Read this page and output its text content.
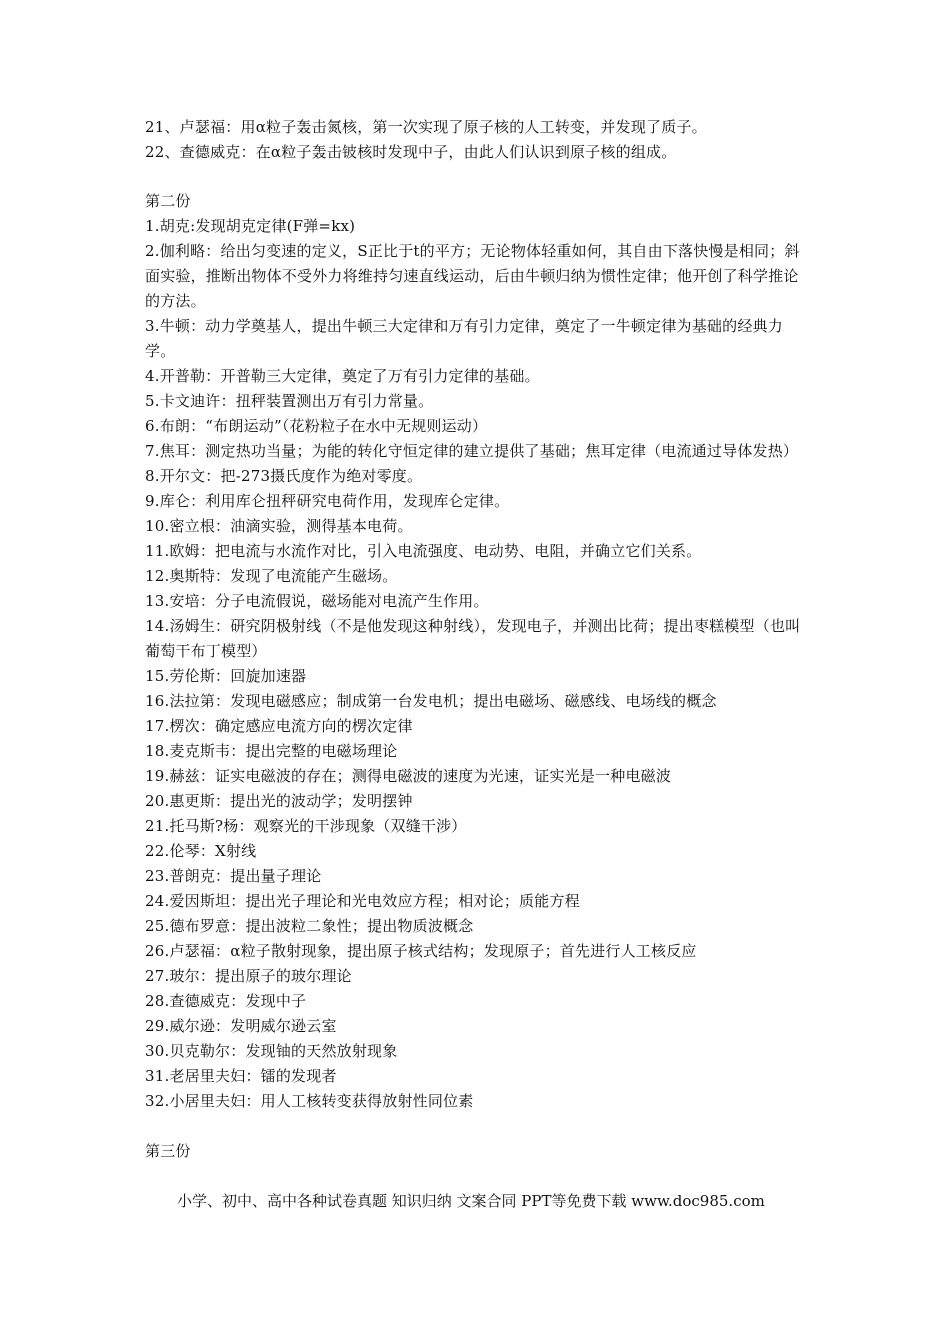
21、卢瑟福：用α粒子轰击氮核，第一次实现了原子核的人工转变，并发现了质子。
22、查德威克：在α粒子轰击铍核时发现中子，由此人们认识到原子核的组成。
第二份
1.胡克:发现胡克定律(F弹=kx)
2.伽利略：给出匀变速的定义，S正比于t的平方；无论物体轻重如何，其自由下落快慢是相同；斜面实验，推断出物体不受外力将维持匀速直线运动，后由牛顿归纳为惯性定律；他开创了科学推论的方法。
3.牛顿：动力学奠基人，提出牛顿三大定律和万有引力定律，奠定了一牛顿定律为基础的经典力学。
4.开普勒：开普勒三大定律，奠定了万有引力定律的基础。
5.卡文迪许：扭秤装置测出万有引力常量。
6.布朗：“布朗运动”（花粉粒子在水中无规则运动）
7.焦耳：测定热功当量；为能的转化守恒定律的建立提供了基础；焦耳定律（电流通过导体发热）
8.开尔文：把-273摄氏度作为绝对零度。
9.库仑：利用库仑扭秤研究电荷作用，发现库仑定律。
10.密立根：油滴实验，测得基本电荷。
11.欧姆：把电流与水流作对比，引入电流强度、电动势、电阻，并确立它们关系。
12.奥斯特：发现了电流能产生磁场。
13.安培：分子电流假说，磁场能对电流产生作用。
14.汤姆生：研究阴极射线（不是他发现这种射线），发现电子，并测出比荷；提出枣糕模型（也叫葡萄干布丁模型）
15.劳伦斯：回旋加速器
16.法拉第：发现电磁感应；制成第一台发电机；提出电磁场、磁感线、电场线的概念
17.楞次：确定感应电流方向的楞次定律
18.麦克斯韦：提出完整的电磁场理论
19.赫兹：证实电磁波的存在；测得电磁波的速度为光速，证实光是一种电磁波
20.惠更斯：提出光的波动学；发明摆钟
21.托马斯?杨：观察光的干涉现象（双缝干涉）
22.伦琴：X射线
23.普朗克：提出量子理论
24.爱因斯坦：提出光子理论和光电效应方程；相对论；质能方程
25.德布罗意：提出波粒二象性；提出物质波概念
26.卢瑟福：α粒子散射现象，提出原子核式结构；发现原子；首先进行人工核反应
27.玻尔：提出原子的玻尔理论
28.查德威克：发现中子
29.威尔逊：发明威尔逊云室
30.贝克勒尔：发现铀的天然放射现象
31.老居里夫妇：镭的发现者
32.小居里夫妇：用人工核转变获得放射性同位素
第三份
小学、初中、高中各种试卷真题 知识归纳 文案合同 PPT等免费下载 www.doc985.com
